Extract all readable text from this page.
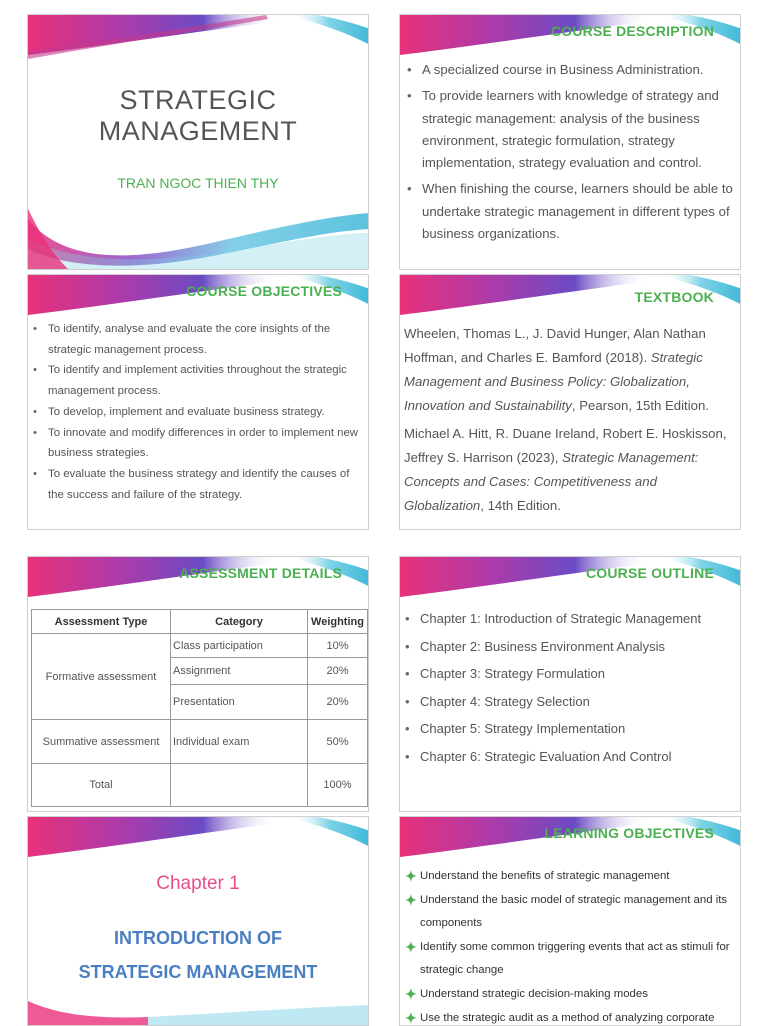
STRATEGIC
MANAGEMENT
TRAN NGOC THIEN THY
COURSE DESCRIPTION
• A specialized course in Business Administration.
• To provide learners with knowledge of strategy and strategic management: analysis of the business environment, strategic formulation, strategy implementation, strategy evaluation and control.
• When finishing the course, learners should be able to undertake strategic management in different types of business organizations.
COURSE OBJECTIVES
• To identify, analyse and evaluate the core insights of the strategic management process.
• To identify and implement activities throughout the strategic management process.
• To develop, implement and evaluate business strategy.
• To innovate and modify differences in order to implement new business strategies.
• To evaluate the business strategy and identify the causes of the success and failure of the strategy.
TEXTBOOK

Wheelen, Thomas L., J. David Hunger, Alan Nathan Hoffman, and Charles E. Bamford (2018). Strategic Management and Business Policy: Globalization, Innovation and Sustainability, Pearson, 15th Edition.

Michael A. Hitt, R. Duane Ireland, Robert E. Hoskisson, Jeffrey S. Harrison (2023), Strategic Management: Concepts and Cases: Competitiveness and Globalization, 14th Edition.

ASSESSMENT DETAILS
Assessment Type	Category	Weighting
Formative assessment	Class participation	10%
	Assignment	20%
	Presentation	20%
Summative assessment	Individual exam	50%
Total		100%
COURSE OUTLINE
• Chapter 1: Introduction of Strategic Management
• Chapter 2: Business Environment Analysis
• Chapter 3: Strategy Formulation
• Chapter 4: Strategy Selection
• Chapter 5: Strategy Implementation
• Chapter 6: Strategic Evaluation And Control
Chapter 1
INTRODUCTION OF
STRATEGIC MANAGEMENT
LEARNING OBJECTIVES
✦ Understand the benefits of strategic management
✦ Understand the basic model of strategic management and its components
✦ Identify some common triggering events that act as stimuli for strategic change
✦ Understand strategic decision-making modes
✦ Use the strategic audit as a method of analyzing corporate
